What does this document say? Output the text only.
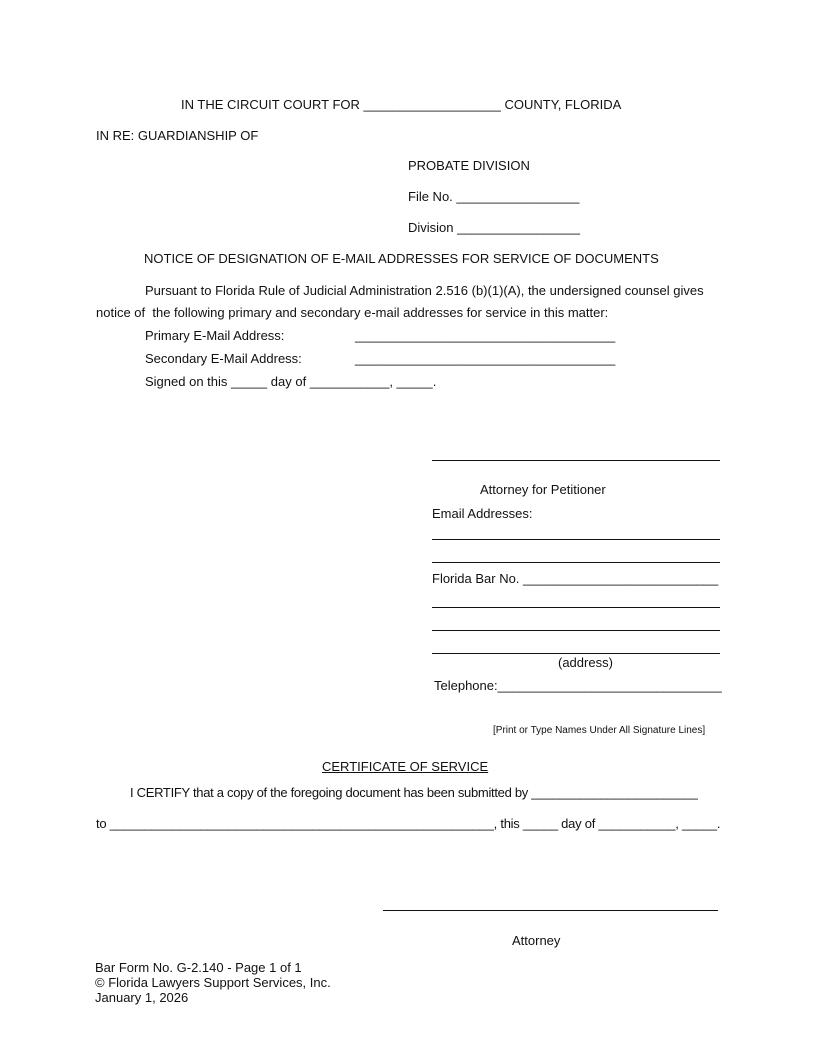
IN THE CIRCUIT COURT FOR ___________________ COUNTY, FLORIDA
IN RE: GUARDIANSHIP OF
PROBATE DIVISION
File No. _________________
Division _________________
NOTICE OF DESIGNATION OF E-MAIL ADDRESSES FOR SERVICE OF DOCUMENTS
Pursuant to Florida Rule of Judicial Administration 2.516 (b)(1)(A), the undersigned counsel gives
notice of  the following primary and secondary e-mail addresses for service in this matter:
Primary E-Mail Address:	____________________________________
Secondary E-Mail Address:	____________________________________
Signed on this _____ day of ___________, _____.
Attorney for Petitioner
Email Addresses:
Florida Bar No. ___________________________
(address)
Telephone:_______________________________
[Print or Type Names Under All Signature Lines]
CERTIFICATE OF SERVICE
I CERTIFY that a copy of the foregoing document has been submitted by ________________________
to _______________________________________________________, this _____ day of ___________, _____.
Attorney
Bar Form No. G-2.140 - Page 1 of 1
© Florida Lawyers Support Services, Inc.
January 1, 2026
